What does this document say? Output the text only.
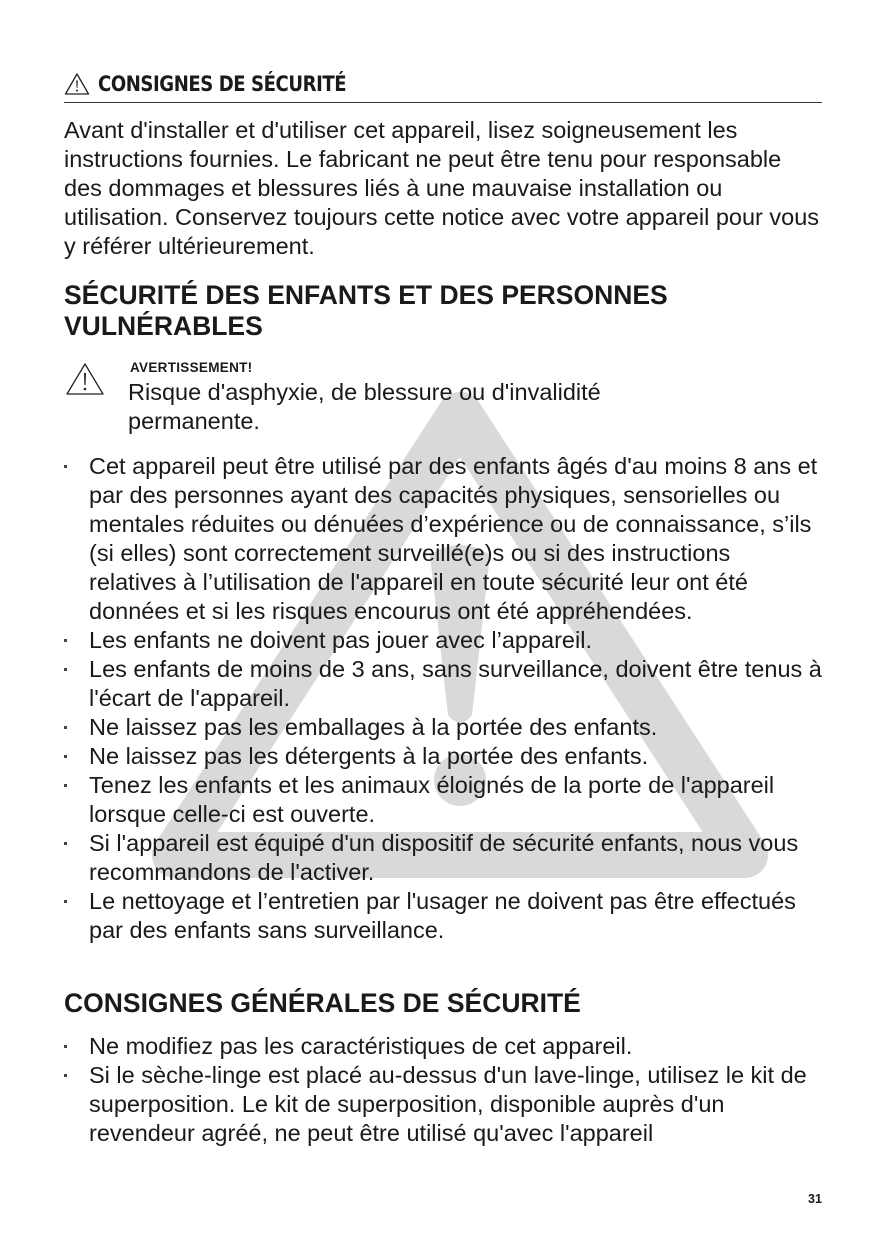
CONSIGNES DE SÉCURITÉ

Avant d'installer et d'utiliser cet appareil, lisez soigneusement les instructions fournies. Le fabricant ne peut être tenu pour responsable des dommages et blessures liés à une mauvaise installation ou utilisation. Conservez toujours cette notice avec votre appareil pour vous y référer ultérieurement.

SÉCURITÉ DES ENFANTS ET DES PERSONNES VULNÉRABLES
AVERTISSEMENT!
Risque d'asphyxie, de blessure ou d'invalidité permanente.
Cet appareil peut être utilisé par des enfants âgés d'au moins 8 ans et par des personnes ayant des capacités physiques, sensorielles ou mentales réduites ou dénuées d’expérience ou de connaissance, s’ils (si elles) sont correctement surveillé(e)s ou si des instructions relatives à l’utilisation de l'appareil en toute sécurité leur ont été données et si les risques encourus ont été appréhendées.
Les enfants ne doivent pas jouer avec l’appareil.
Les enfants de moins de 3 ans, sans surveillance, doivent être tenus à l'écart de l'appareil.
Ne laissez pas les emballages à la portée des enfants.
Ne laissez pas les détergents à la portée des enfants.
Tenez les enfants et les animaux éloignés de la porte de l'appareil lorsque celle-ci est ouverte.
Si l'appareil est équipé d'un dispositif de sécurité enfants, nous vous recommandons de l'activer.
Le nettoyage et l’entretien par l'usager ne doivent pas être effectués par des enfants sans surveillance.
CONSIGNES GÉNÉRALES DE SÉCURITÉ
Ne modifiez pas les caractéristiques de cet appareil.
Si le sèche-linge est placé au-dessus d'un lave-linge, utilisez le kit de superposition. Le kit de superposition, disponible auprès d'un revendeur agréé, ne peut être utilisé qu'avec l'appareil
31
